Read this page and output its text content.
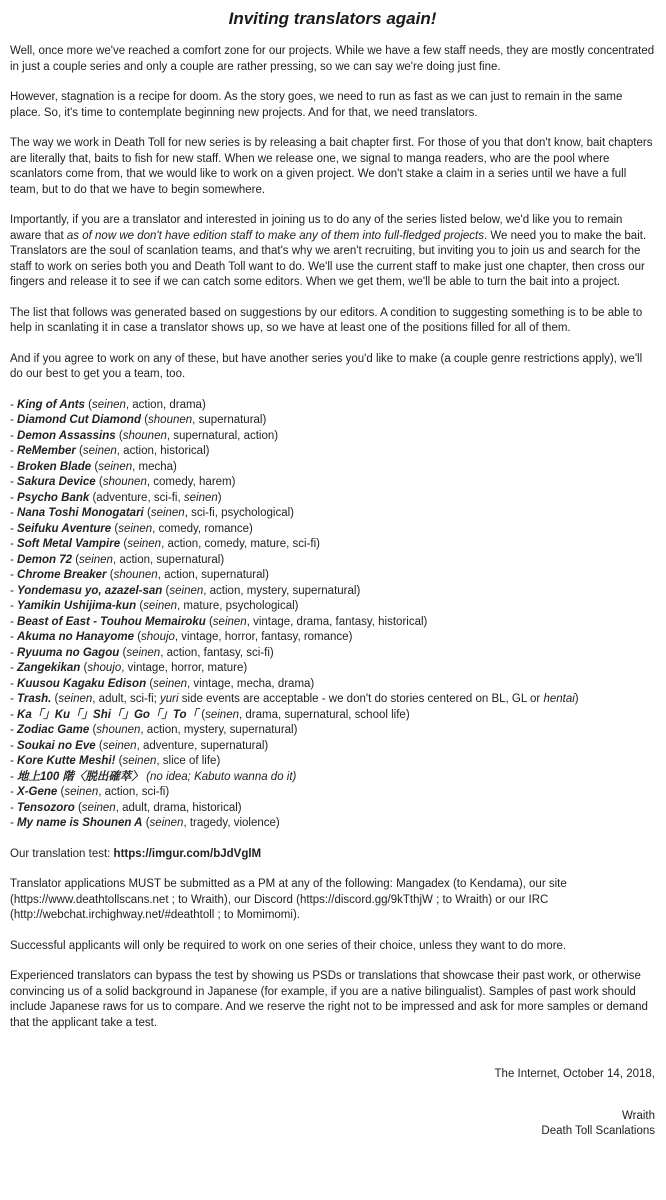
Inviting translators again!

Well, once more we've reached a comfort zone for our projects. While we have a few staff needs, they are mostly concentrated in just a couple series and only a couple are rather pressing, so we can say we're doing just fine.

However, stagnation is a recipe for doom. As the story goes, we need to run as fast as we can just to remain in the same place. So, it's time to contemplate beginning new projects. And for that, we need translators.

The way we work in Death Toll for new series is by releasing a bait chapter first. For those of you that don't know, bait chapters are literally that, baits to fish for new staff. When we release one, we signal to manga readers, who are the pool where scanlators come from, that we would like to work on a given project. We don't stake a claim in a series until we have a full team, but to do that we have to begin somewhere.

Importantly, if you are a translator and interested in joining us to do any of the series listed below, we'd like you to remain aware that as of now we don't have edition staff to make any of them into full-fledged projects. We need you to make the bait. Translators are the soul of scanlation teams, and that's why we aren't recruiting, but inviting you to join us and search for the staff to work on series both you and Death Toll want to do. We'll use the current staff to make just one chapter, then cross our fingers and release it to see if we can catch some editors. When we get them, we'll be able to turn the bait into a project.

The list that follows was generated based on suggestions by our editors. A condition to suggesting something is to be able to help in scanlating it in case a translator shows up, so we have at least one of the positions filled for all of them.

And if you agree to work on any of these, but have another series you'd like to make (a couple genre restrictions apply), we'll do our best to get you a team, too.

- King of Ants (seinen, action, drama)
- Diamond Cut Diamond (shounen, supernatural)
- Demon Assassins (shounen, supernatural, action)
- ReMember (seinen, action, historical)
- Broken Blade (seinen, mecha)
- Sakura Device (shounen, comedy, harem)
- Psycho Bank (adventure, sci-fi, seinen)
- Nana Toshi Monogatari (seinen, sci-fi, psychological)
- Seifuku Aventure (seinen, comedy, romance)
- Soft Metal Vampire (seinen, action, comedy, mature, sci-fi)
- Demon 72 (seinen, action, supernatural)
- Chrome Breaker (shounen, action, supernatural)
- Yondemasu yo, azazel-san (seinen, action, mystery, supernatural)
- Yamikin Ushijima-kun (seinen, mature, psychological)
- Beast of East - Touhou Memairoku (seinen, vintage, drama, fantasy, historical)
- Akuma no Hanayome (shoujo, vintage, horror, fantasy, romance)
- Ryuuma no Gagou (seinen, action, fantasy, sci-fi)
- Zangekikan (shoujo, vintage, horror, mature)
- Kuusou Kagaku Edison (seinen, vintage, mecha, drama)
- Trash. (seinen, adult, sci-fi; yuri side events are acceptable - we don't do stories centered on BL, GL or hentai)
- Ka「」Ku「」Shi「」Go「」To「 (seinen, drama, supernatural, school life)
- Zodiac Game (shounen, action, mystery, supernatural)
- Soukai no Eve (seinen, adventure, supernatural)
- Kore Kutte Meshi! (seinen, slice of life)
- 地上100 階〈脱出確萃〉 (no idea; Kabuto wanna do it)
- X-Gene (seinen, action, sci-fi)
- Tensozoro (seinen, adult, drama, historical)
- My name is Shounen A (seinen, tragedy, violence)

Our translation test: https://imgur.com/bJdVglM

Translator applications MUST be submitted as a PM at any of the following: Mangadex (to Kendama), our site (https://www.deathtollscans.net ; to Wraith), our Discord (https://discord.gg/9kTthjW ; to Wraith) or our IRC (http://webchat.irchighway.net/#deathtoll ; to Momimomi).

Successful applicants will only be required to work on one series of their choice, unless they want to do more.

Experienced translators can bypass the test by showing us PSDs or translations that showcase their past work, or otherwise convincing us of a solid background in Japanese (for example, if you are a native bilingualist). Samples of past work should include Japanese raws for us to compare. And we reserve the right not to be impressed and ask for more samples or demand that the applicant take a test.

The Internet, October 14, 2018,

Wraith

Death Toll Scanlations
